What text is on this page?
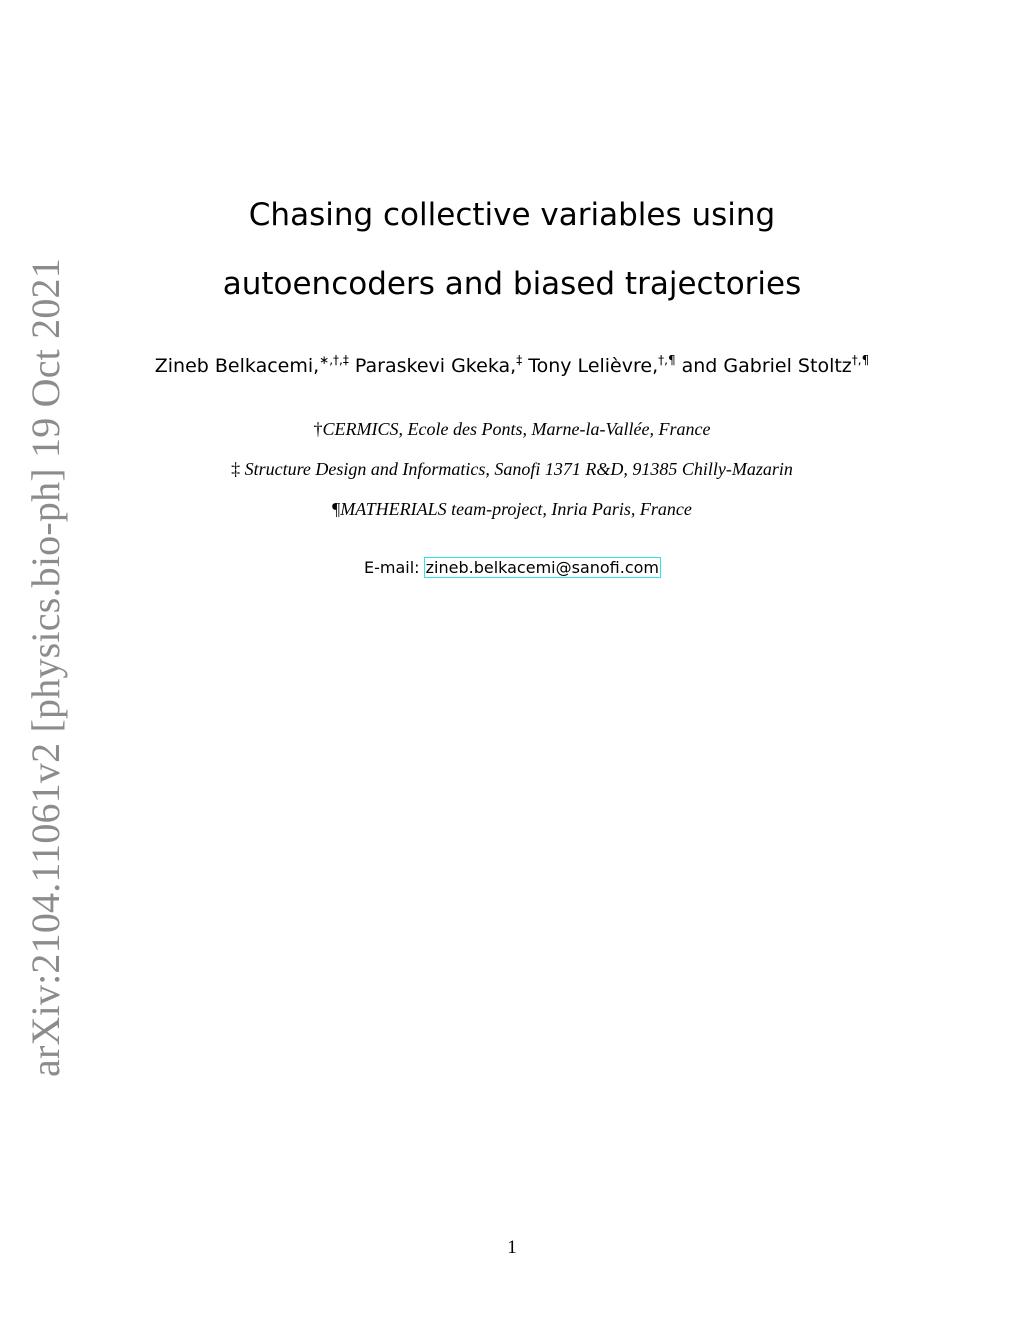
arXiv:2104.11061v2 [physics.bio-ph] 19 Oct 2021
Chasing collective variables using
autoencoders and biased trajectories
Zineb Belkacemi,∗,†,‡ Paraskevi Gkeka,‡ Tony Lelièvre,†,¶ and Gabriel Stoltz†,¶
†CERMICS, Ecole des Ponts, Marne-la-Vallée, France
‡ Structure Design and Informatics, Sanofi 1371 R&D, 91385 Chilly-Mazarin
¶MATHERIALS team-project, Inria Paris, France
E-mail: zineb.belkacemi@sanofi.com
1
